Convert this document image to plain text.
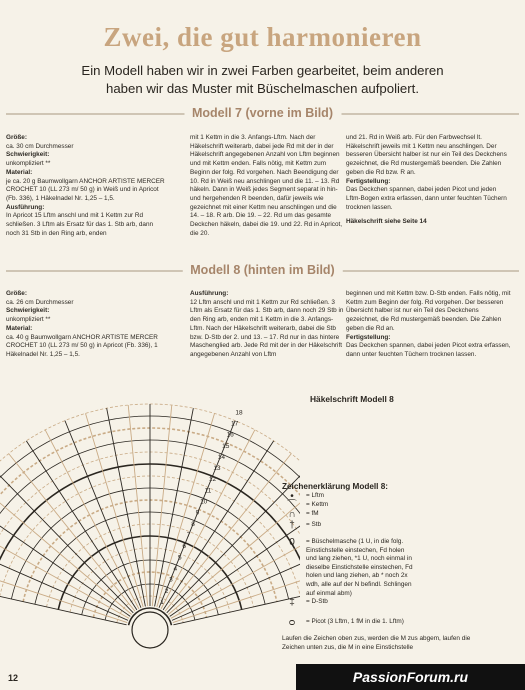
Zwei, die gut harmonieren
Ein Modell haben wir in zwei Farben gearbeitet, beim anderen
haben wir das Muster mit Büschelmaschen aufpoliert.
Modell 7 (vorne im Bild)

Größe:

ca. 30 cm Durchmesser

Schwierigkeit:

unkompliziert **

Material:

je ca. 20 g Baumwollgarn ANCHOR ARTISTE MERCER CROCHET 10 (LL 273 m/ 50 g) in Weiß und in Apricot (Fb. 336), 1 Häkelnadel Nr. 1,25 – 1,5.

Ausführung:

In Apricot 15 Lftm anschl und mit 1 Kettm zur Rd schließen. 3 Lftm als Ersatz für das 1. Stb arb, dann noch 31 Stb in den Ring arb, enden

mit 1 Kettm in die 3. Anfangs-Lftm. Nach der Häkelschrift weiterarb, dabei jede Rd mit der in der Häkelschrift angegebenen Anzahl von Lftm beginnen und mit Kettm enden. Falls nötig, mit Kettm zum Beginn der folg. Rd vorgehen. Nach Beendigung der 10. Rd in Weiß neu anschlingen und die 11. – 13. Rd häkeln. Dann in Weiß jedes Segment separat in hin- und hergehenden R beenden, dafür jeweils wie gezeichnet mit einer Kettm neu anschlingen und die 14. – 18. R arb. Die 19. – 22. Rd um das gesamte Deckchen häkeln, dabei die 19. und 22. Rd in Apricot, die 20.

und 21. Rd in Weiß arb. Für den Farbwechsel lt. Häkelschrift jeweils mit 1 Kettm neu anschlingen. Der besseren Übersicht halber ist nur ein Teil des Deckchens gezeichnet, die Rd mustergemäß beenden. Die Zahlen geben die Rd bzw. R an.

Fertigstellung:

Das Deckchen spannen, dabei jeden Picot und jeden Lftm-Bogen extra erfassen, dann unter feuchten Tüchern trocknen lassen.

Häkelschrift siehe Seite 14

Modell 8 (hinten im Bild)

Größe:

ca. 26 cm Durchmesser

Schwierigkeit:

unkompliziert **

Material:

ca. 40 g Baumwollgarn ANCHOR ARTISTE MERCER CROCHET 10 (LL 273 m/ 50 g) in Apricot (Fb. 336), 1 Häkelnadel Nr. 1,25 – 1,5.

Ausführung:

12 Lftm anschl und mit 1 Kettm zur Rd schließen. 3 Lftm als Ersatz für das 1. Stb arb, dann noch 29 Stb in den Ring arb, enden mit 1 Kettm in die 3. Anfangs-Lftm. Nach der Häkelschrift weiterarb, dabei die Stb bzw. D-Stb der 2. und 13. – 17. Rd nur in das hintere Maschenglied arb. Jede Rd mit der in der Häkelschrift angegebenen Anzahl von Lftm

beginnen und mit Kettm bzw. D-Stb enden. Falls nötig, mit Kettm zum Beginn der folg. Rd vorgehen. Der besseren Übersicht halber ist nur ein Teil des Deckchens gezeichnet, die Rd mustergemäß beenden. Die Zahlen geben die Rd an.

Fertigstellung:

Das Deckchen spannen, dabei jeden Picot extra erfassen, dann unter feuchten Tüchern trocknen lassen.

18
17
16
15
14
13
12
11
10
9
8
7
6
5
4
3
2
1
Häkelschrift Modell 8
Zeichenerklärung Modell 8:
•	= Lftm
⌒	= Kettm
∩	= fM
†	= Stb
0	= Büschelmasche (1 U, in die folg. Einstichstelle einstechen, Fd holen und lang ziehen, *1 U, noch einmal in dieselbe Einstichstelle einstechen, Fd holen und lang ziehen, ab * noch 2x wdh, alle auf der N befindl. Schlingen auf einmal abm)
‡	= D-Stb
ᴑ	= Picot (3 Lftm, 1 fM in die 1. Lftm)
Laufen die Zeichen oben zus, werden die M zus abgem, laufen die Zeichen unten zus, die M in eine Einstichstelle
12	PassionForum.ru
